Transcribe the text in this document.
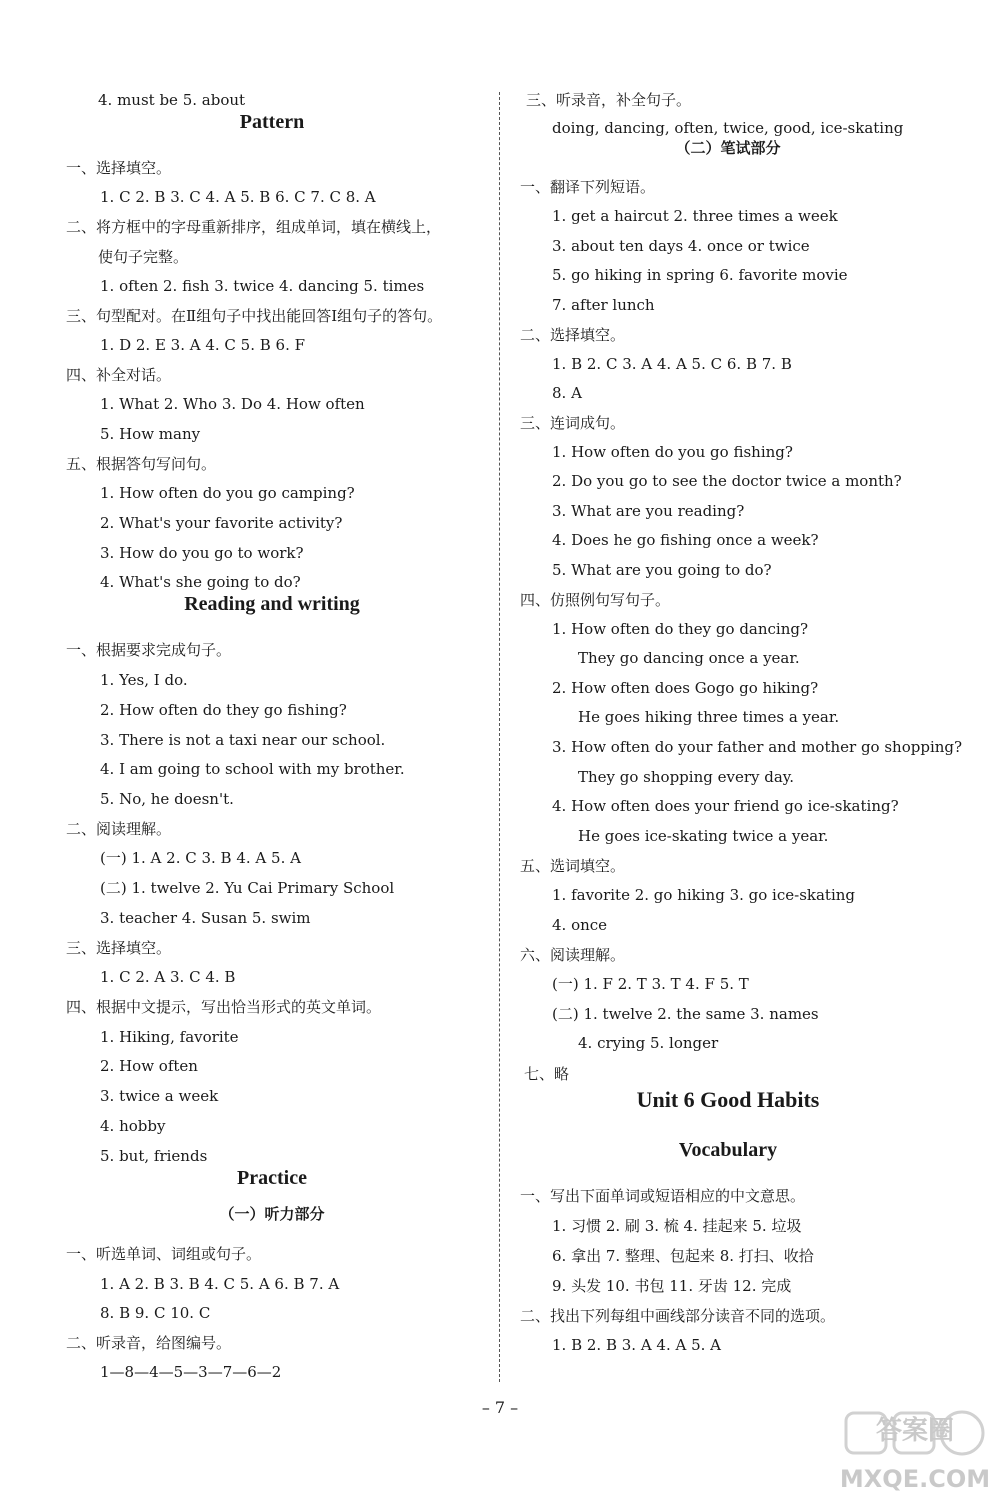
4. must be 5. about
一、选择填空。
1. C 2. B 3. C 4. A 5. B 6. C 7. C 8. A
二、将方框中的字母重新排序，组成单词，填在横线上，
使句子完整。
1. often 2. fish 3. twice 4. dancing 5. times
三、句型配对。在Ⅱ组句子中找出能回答Ⅰ组句子的答句。
1. D 2. E 3. A 4. C 5. B 6. F
四、补全对话。
1. What 2. Who 3. Do 4. How often
5. How many
五、根据答句写问句。
1. How often do you go camping?
2. What's your favorite activity?
3. How do you go to work?
4. What's she going to do?
一、根据要求完成句子。
1. Yes, I do.
2. How often do they go fishing?
3. There is not a taxi near our school.
4. I am going to school with my brother.
5. No, he doesn't.
二、阅读理解。
(一) 1. A 2. C 3. B 4. A 5. A
(二) 1. twelve 2. Yu Cai Primary School
3. teacher 4. Susan 5. swim
三、选择填空。
1. C 2. A 3. C 4. B
四、根据中文提示，写出恰当形式的英文单词。
1. Hiking, favorite
2. How often
3. twice a week
4. hobby
5. but, friends
一、听选单词、词组或句子。
1. A 2. B 3. B 4. C 5. A 6. B 7. A
8. B 9. C 10. C
二、听录音，给图编号。
1—8—4—5—3—7—6—2
Pattern
Reading and writing
Practice
（一）听力部分
三、听录音，补全句子。
doing, dancing, often, twice, good, ice-skating
一、翻译下列短语。
1. get a haircut 2. three times a week
3. about ten days 4. once or twice
5. go hiking in spring 6. favorite movie
7. after lunch
二、选择填空。
1. B 2. C 3. A 4. A 5. C 6. B 7. B
8. A
三、连词成句。
1. How often do you go fishing?
2. Do you go to see the doctor twice a month?
3. What are you reading?
4. Does he go fishing once a week?
5. What are you going to do?
四、仿照例句写句子。
1. How often do they go dancing?
They go dancing once a year.
2. How often does Gogo go hiking?
He goes hiking three times a year.
3. How often do your father and mother go shopping?
They go shopping every day.
4. How often does your friend go ice-skating?
He goes ice-skating twice a year.
五、选词填空。
1. favorite 2. go hiking 3. go ice-skating
4. once
六、阅读理解。
(一) 1. F 2. T 3. T 4. F 5. T
(二) 1. twelve 2. the same 3. names
4. crying 5. longer
七、略
一、写出下面单词或短语相应的中文意思。
1. 习惯 2. 刷 3. 梳 4. 挂起来 5. 垃圾
6. 拿出 7. 整理、包起来 8. 打扫、收拾
9. 头发 10. 书包 11. 牙齿 12. 完成
二、找出下列每组中画线部分读音不同的选项。
1. B 2. B 3. A 4. A 5. A
（二）笔试部分
Unit 6 Good Habits
Vocabulary
– 7 –
答案圈
MXQE.COM
